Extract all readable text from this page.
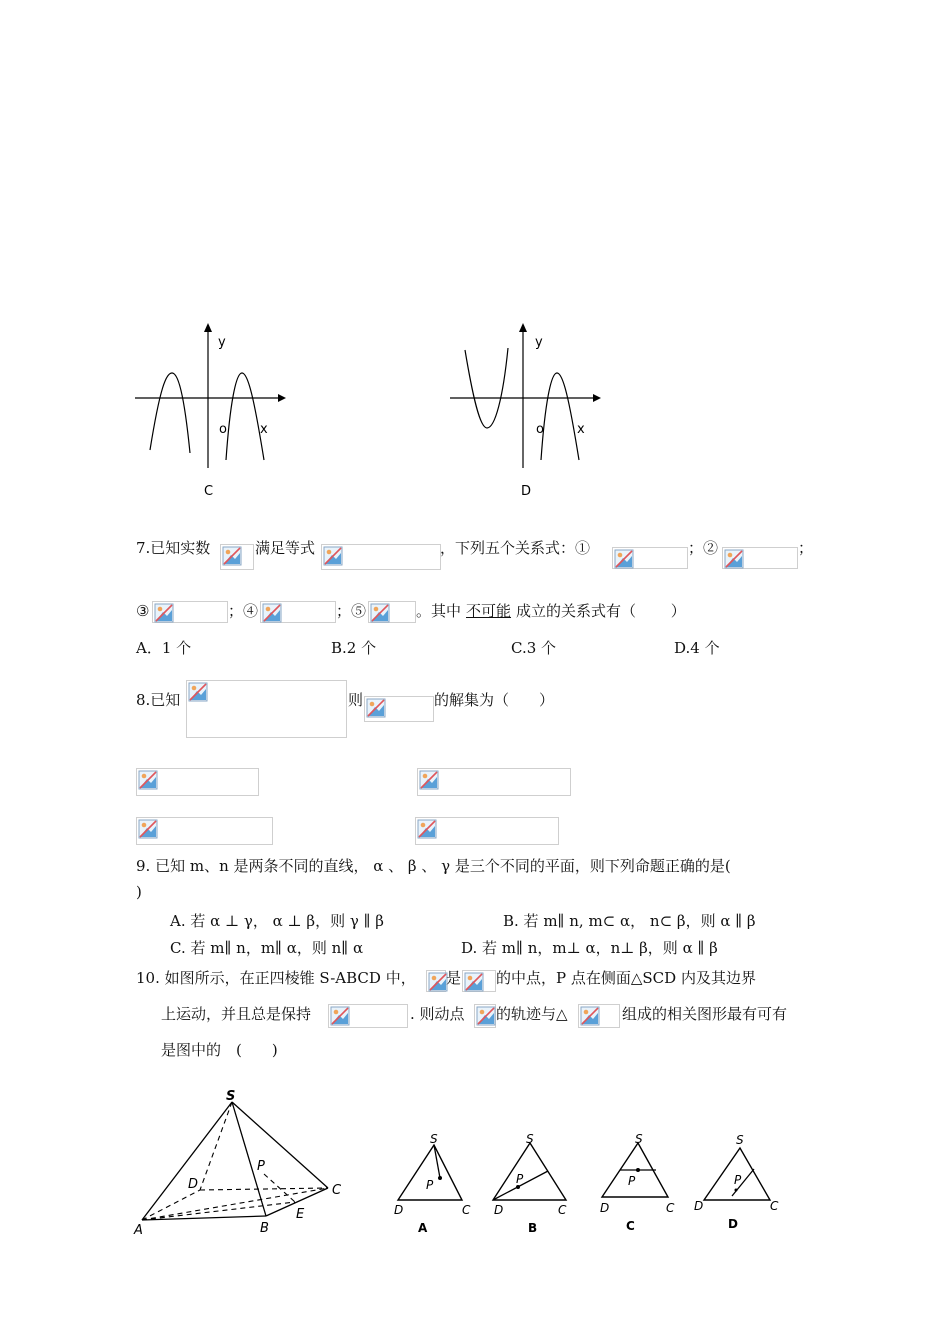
y
o	x
C
y
o	x
D
7.已知实数	满足等式	，下列五个关系式：①	；②	；
③	；④	；⑤	。其中 不可能 成立的关系式有（　　 ）
A．1 个	B.2 个	C.3 个	D.4 个
8.已知	则	的解集为（　　）
9. 已知 m、n 是两条不同的直线， α 、 β 、 γ 是三个不同的平面，则下列命题正确的是(
)
A. 若 α ⊥ γ， α ⊥ β，则 γ ∥ β	B. 若 m∥ n, m⊂ α， n⊂ β，则 α ∥ β
C. 若 m∥ n，m∥ α，则 n∥ α	D. 若 m∥ n，m⊥ α，n⊥ β，则 α ∥ β
10. 如图所示，在正四棱锥 S-ABCD 中， 是 的中点，P 点在侧面△SCD 内及其边界
上运动，并且总是保持	. 则动点 的轨迹与△	组成的相关图形最有可有
是图中的　(　　)
S
A	B
C
D
E
P
S
P
D	C
A
S
P
D	C
B
S
P
D	C
C
S
P
D	C
D
